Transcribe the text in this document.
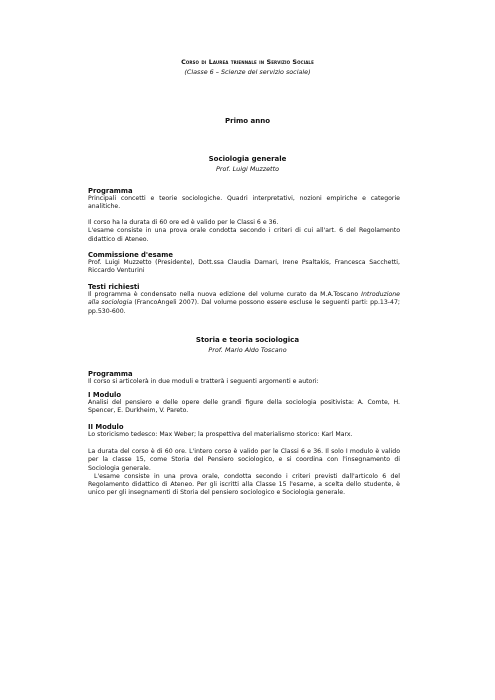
Corso di Laurea triennale in Servizio Sociale
(Classe 6 – Scienze del servizio sociale)
Primo anno
Sociologia generale
Prof. Luigi Muzzetto
Programma
Principali concetti e teorie sociologiche. Quadri interpretativi, nozioni empiriche e categorie analitiche.
Il corso ha la durata di 60 ore ed è valido per le Classi 6 e 36.
L'esame consiste in una prova orale condotta secondo i criteri di cui all'art. 6 del Regolamento didattico di Ateneo.
Commissione d'esame
Prof. Luigi Muzzetto (Presidente), Dott.ssa Claudia Damari, Irene Psaltakis, Francesca Sacchetti, Riccardo Venturini
Testi richiesti
Il programma è condensato nella nuova edizione del volume curato da M.A.Toscano Introduzione alla sociologia (FrancoAngeli 2007). Dal volume possono essere escluse le seguenti parti: pp.13-47; pp.530-600.
Storia e teoria sociologica
Prof. Mario Aldo Toscano
Programma
Il corso si articolerà in due moduli e tratterà i seguenti argomenti e autori:
I Modulo
Analisi del pensiero e delle opere delle grandi figure della sociologia positivista: A. Comte, H. Spencer, E. Durkheim, V. Pareto.
II Modulo
Lo storicismo tedesco: Max Weber; la prospettiva del materialismo storico: Karl Marx.
La durata del corso è di 60 ore. L'intero corso è valido per le Classi 6 e 36. Il solo I modulo è valido per la classe 15, come Storia del Pensiero sociologico, e si coordina con l'insegnamento di Sociologia generale.
L'esame consiste in una prova orale, condotta secondo i criteri previsti dall'articolo 6 del Regolamento didattico di Ateneo. Per gli iscritti alla Classe 15 l'esame, a scelta dello studente, è unico per gli insegnamenti di Storia del pensiero sociologico e Sociologia generale.
